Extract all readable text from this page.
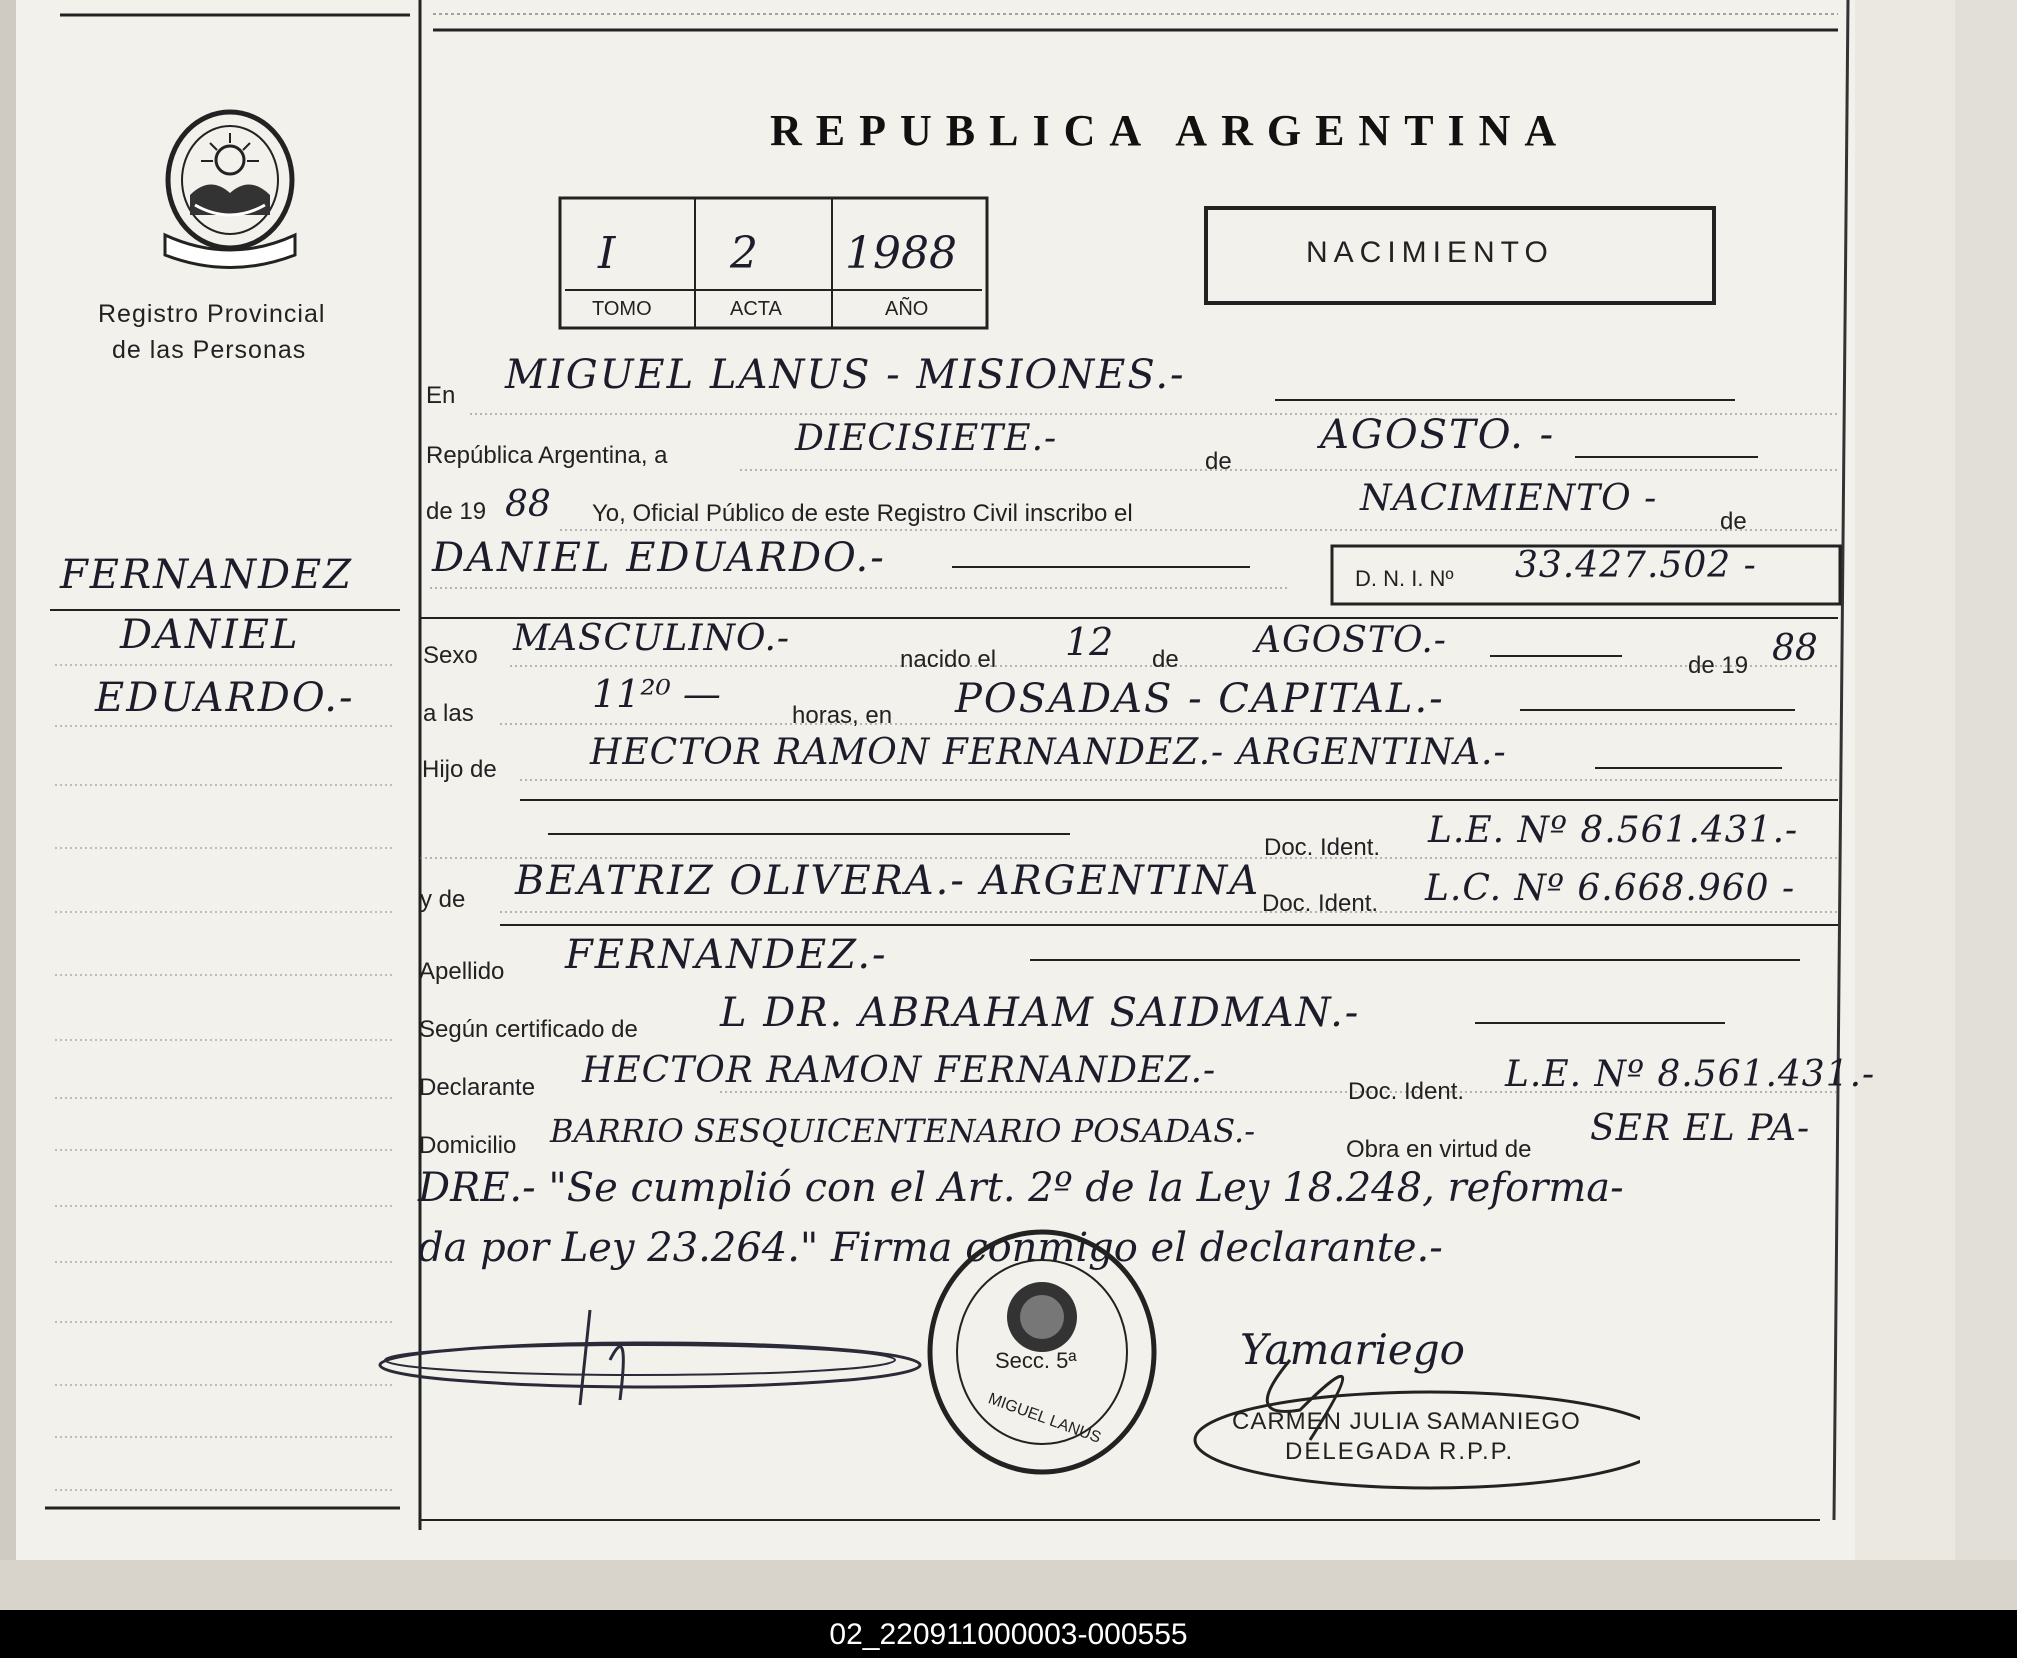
Registro Provincial
de las Personas
REPUBLICA ARGENTINA
I	2 1988
TOMO	ACTA	AÑO
NACIMIENTO
FERNANDEZ
DANIEL
EDUARDO.-
En MIGUEL LANUS - MISIONES.-
República Argentina, a	DIECISIETE.-
de
AGOSTO. -
de 19 88 Yo, Oficial Público de este Registro Civil inscribo el	NACIMIENTO -
de
DANIEL EDUARDO.-	D. N. I. Nº 33.427.502 -
Sexo MASCULINO.-
nacido el 12 de AGOSTO.-
de 19 88
a las	11²⁰ —	horas, en POSADAS - CAPITAL.-
Hijo de	HECTOR RAMON FERNANDEZ.- ARGENTINA.-
Doc. Ident. L.E. Nº 8.561.431.-
y de BEATRIZ OLIVERA.- ARGENTINA Doc. Ident. L.C. Nº 6.668.960 -
Apellido FERNANDEZ.-
Según certificado de L DR. ABRAHAM SAIDMAN.-
Declarante HECTOR RAMON FERNANDEZ.-
Doc. Ident. L.E. Nº 8.561.431.-
Domicilio BARRIO SESQUICENTENARIO POSADAS.-	Obra en virtud de
SER EL PA-
DRE.- "Se cumplió con el Art. 2º de la Ley 18.248, reforma-
da por Ley 23.264." Firma conmigo el declarante.-
Secc. 5ª
MIGUEL LANUS
Yamariego
CARMEN JULIA SAMANIEGO
DELEGADA R.P.P.
02_220911000003-000555
